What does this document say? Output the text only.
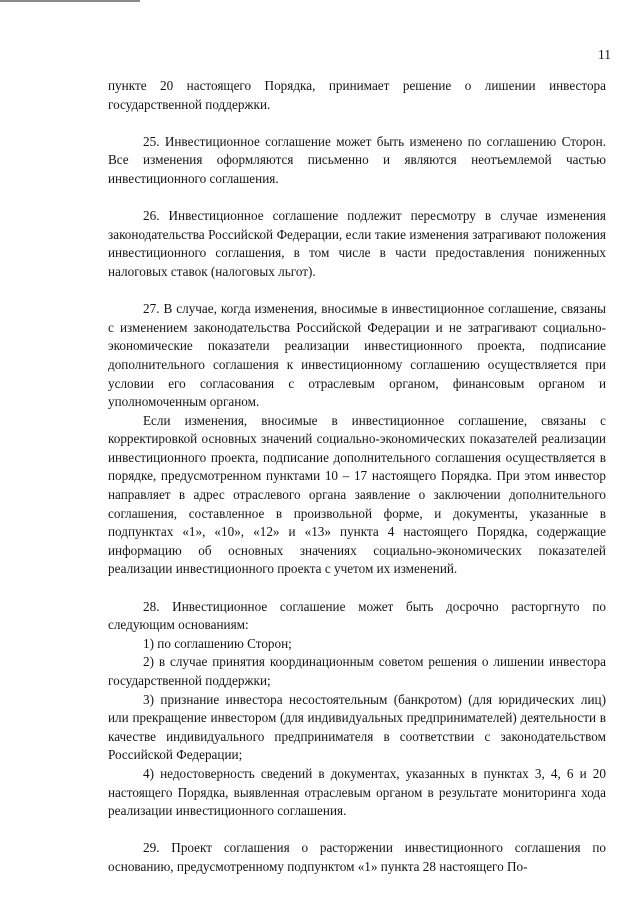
11

пункте 20 настоящего Порядка, принимает решение о лишении инвестора государственной поддержки.

25. Инвестиционное соглашение может быть изменено по соглашению Сторон. Все изменения оформляются письменно и являются неотъемлемой частью инвестиционного соглашения.

26. Инвестиционное соглашение подлежит пересмотру в случае изменения законодательства Российской Федерации, если такие изменения затрагивают положения инвестиционного соглашения, в том числе в части предоставления пониженных налоговых ставок (налоговых льгот).

27. В случае, когда изменения, вносимые в инвестиционное соглашение, связаны с изменением законодательства Российской Федерации и не затрагивают социально-экономические показатели реализации инвестиционного проекта, подписание дополнительного соглашения к инвестиционному соглашению осуществляется при условии его согласования с отраслевым органом, финансовым органом и уполномоченным органом.

Если изменения, вносимые в инвестиционное соглашение, связаны с корректировкой основных значений социально-экономических показателей реализации инвестиционного проекта, подписание дополнительного соглашения осуществляется в порядке, предусмотренном пунктами 10 – 17 настоящего Порядка. При этом инвестор направляет в адрес отраслевого органа заявление о заключении дополнительного соглашения, составленное в произвольной форме, и документы, указанные в подпунктах «1», «10», «12» и «13» пункта 4 настоящего Порядка, содержащие информацию об основных значениях социально-экономических показателей реализации инвестиционного проекта с учетом их изменений.

28. Инвестиционное соглашение может быть досрочно расторгнуто по следующим основаниям:

1) по соглашению Сторон;

2) в случае принятия координационным советом решения о лишении инвестора государственной поддержки;

3) признание инвестора несостоятельным (банкротом) (для юридических лиц) или прекращение инвестором (для индивидуальных предпринимателей) деятельности в качестве индивидуального предпринимателя в соответствии с законодательством Российской Федерации;

4) недостоверность сведений в документах, указанных в пунктах 3, 4, 6 и 20 настоящего Порядка, выявленная отраслевым органом в результате мониторинга хода реализации инвестиционного соглашения.

29. Проект соглашения о расторжении инвестиционного соглашения по основанию, предусмотренному подпунктом «1» пункта 28 настоящего По-
